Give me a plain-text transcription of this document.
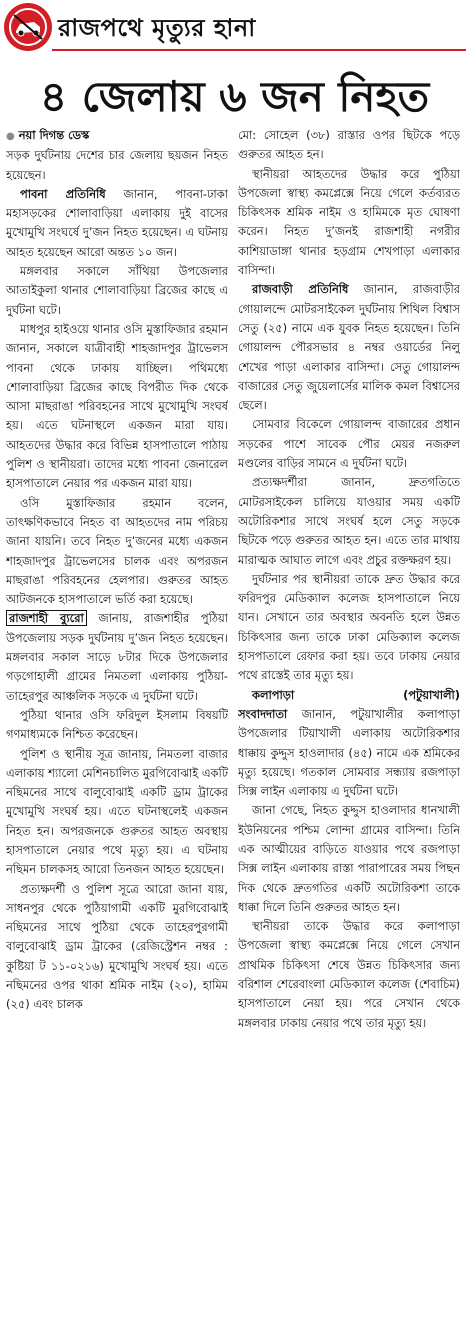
রাজপথে মৃত্যুর হানা
৪ জেলায় ৬ জন নিহত
● নয়া দিগন্ত ডেস্ক

সড়ক দুর্ঘটনায় দেশের চার জেলায় ছয়জন নিহত হয়েছেন।

পাবনা প্রতিনিধি জানান, পাবনা-ঢাকা মহাসড়কের শোলাবাড়িয়া এলাকায় দুই বাসের মুখোমুখি সংঘর্ষে দু’জন নিহত হয়েছেন। এ ঘটনায় আহত হয়েছেন আরো অন্তত ১০ জন।

মঙ্গলবার সকালে সাঁথিয়া উপজেলার আতাইকুলা থানার শোলাবাড়িয়া ব্রিজের কাছে এ দুর্ঘটনা ঘটে।

মাধপুর হাইওয়ে থানার ওসি মুস্তাফিজার রহমান জানান, সকালে যাত্রীবাহী শাহজাদপুর ট্রাভেলস পাবনা থেকে ঢাকায় যাচ্ছিল। পথিমধ্যে শোলাবাড়িয়া ব্রিজের কাছে বিপরীত দিক থেকে আসা মাছরাঙা পরিবহনের সাথে মুখোমুখি সংঘর্ষ হয়। এতে ঘটনাস্থলে একজন মারা যায়। আহতদের উদ্ধার করে বিভিন্ন হাসপাতালে পাঠায় পুলিশ ও স্থানীয়রা। তাদের মধ্যে পাবনা জেনারেল হাসপাতালে নেয়ার পর একজন মারা যায়।

ওসি মুস্তাফিজার রহমান বলেন, তাৎক্ষণিকভাবে নিহত বা আহতদের নাম পরিচয় জানা যায়নি। তবে নিহত দু’জনের মধ্যে একজন শাহজাদপুর ট্রাভেলসের চালক এবং অপরজন মাছরাঙা পরিবহনের হেলপার। গুরুতর আহত আটজনকে হাসপাতালে ভর্তি করা হয়েছে।

রাজশাহী ব্যুরো জানায়, রাজশাহীর পুঠিয়া উপজেলায় সড়ক দুর্ঘটনায় দু’জন নিহত হয়েছেন। মঙ্গলবার সকাল সাড়ে ৮টার দিকে উপজেলার গড়গোহালী গ্রামের নিমতলা এলাকায় পুঠিয়া-তাহেরপুর আঞ্চলিক সড়কে এ দুর্ঘটনা ঘটে।

পুঠিয়া থানার ওসি ফরিদুল ইসলাম বিষয়টি গণমাধ্যমকে নিশ্চিত করেছেন।

পুলিশ ও স্থানীয় সূত্র জানায়, নিমতলা বাজার এলাকায় শ্যালো মেশিনচালিত মুরগিবোঝাই একটি নছিমনের সাথে বালুবোঝাই একটি ড্রাম ট্রাকের মুখোমুখি সংঘর্ষ হয়। এতে ঘটনাস্থলেই একজন নিহত হন। অপরজনকে গুরুতর আহত অবস্থায় হাসপাতালে নেয়ার পথে মৃত্যু হয়। এ ঘটনায় নছিমন চালকসহ আরো তিনজন আহত হয়েছেন।

প্রত্যক্ষদর্শী ও পুলিশ সূত্রে আরো জানা যায়, সাধনপুর থেকে পুঠিয়াগামী একটি মুরগিবোঝাই নছিমনের সাথে পুঠিয়া থেকে তাহেরপুরগামী বালুবোঝাই ড্রাম ট্রাকের (রেজিস্ট্রেশন নম্বর : কুষ্টিয়া ট ১১-০২১৬) মুখোমুখি সংঘর্ষ হয়। এতে নছিমনের ওপর থাকা শ্রমিক নাইম (২০), হামিম (২৫) এবং চালক

মো: সোহেল (৩৮) রাস্তার ওপর ছিটকে পড়ে গুরুতর আহত হন।

স্থানীয়রা আহতদের উদ্ধার করে পুঠিয়া উপজেলা স্বাস্থ্য কমপ্লেক্সে নিয়ে গেলে কর্তব্যরত চিকিৎসক শ্রমিক নাইম ও হামিমকে মৃত ঘোষণা করেন। নিহত দু’জনই রাজশাহী নগরীর কাশিয়াডাঙ্গা থানার হড়গ্রাম শেখপাড়া এলাকার বাসিন্দা।

রাজবাড়ী প্রতিনিধি জানান, রাজবাড়ীর গোয়ালন্দে মোটরসাইকেল দুর্ঘটনায় শিথিল বিশ্বাস সেতু (২৫) নামে এক যুবক নিহত হয়েছেন। তিনি গোয়ালন্দ পৌরসভার ৪ নম্বর ওয়ার্ডের নিলু শেখের পাড়া এলাকার বাসিন্দা। সেতু গোয়ালন্দ বাজারের সেতু জুয়েলার্সের মালিক কমল বিশ্বাসের ছেলে।

সোমবার বিকেলে গোয়ালন্দ বাজারের প্রধান সড়কের পাশে সাবেক পৌর মেয়র নজরুল মণ্ডলের বাড়ির সামনে এ দুর্ঘটনা ঘটে।

প্রত্যক্ষদর্শীরা জানান, দ্রুতগতিতে মোটরসাইকেল চালিয়ে যাওয়ার সময় একটি অটোরিকশার সাথে সংঘর্ষ হলে সেতু সড়কে ছিটকে পড়ে গুরুতর আহত হন। এতে তার মাথায় মারাত্মক আঘাত লাগে এবং প্রচুর রক্তক্ষরণ হয়।

দুর্ঘটনার পর স্থানীয়রা তাকে দ্রুত উদ্ধার করে ফরিদপুর মেডিক্যাল কলেজ হাসপাতালে নিয়ে যান। সেখানে তার অবস্থার অবনতি হলে উন্নত চিকিৎসার জন্য তাকে ঢাকা মেডিক্যাল কলেজ হাসপাতালে রেফার করা হয়। তবে ঢাকায় নেয়ার পথে রাস্তেই তার মৃত্যু হয়।

কলাপাড়া	(পটুয়াখালী)

সংবাদদাতা জানান, পটুয়াখালীর কলাপাড়া উপজেলার টিয়াখালী এলাকায় অটোরিকশার ধাক্কায় কুদ্দুস হাওলাদার (৪৫) নামে এক শ্রমিকের মৃত্যু হয়েছে। গতকাল সোমবার সন্ধ্যায় রজপাড়া সিক্স লাইন এলাকায় এ দুর্ঘটনা ঘটে।

জানা গেছে, নিহত কুদ্দুস হাওলাদার ধানখালী ইউনিয়নের পশ্চিম লোন্দা গ্রামের বাসিন্দা। তিনি এক আত্মীয়ের বাড়িতে যাওয়ার পথে রজপাড়া সিক্স লাইন এলাকায় রাস্তা পারাপারের সময় পিছন দিক থেকে দ্রুতগতির একটি অটোরিকশা তাকে ধাক্কা দিলে তিনি গুরুতর আহত হন।

স্থানীয়রা তাকে উদ্ধার করে কলাপাড়া উপজেলা স্বাস্থ্য কমপ্লেক্সে নিয়ে গেলে সেখান প্রাথমিক চিকিৎসা শেষে উন্নত চিকিৎসার জন্য বরিশাল শেরেবাংলা মেডিক্যাল কলেজ (শেবাচিম) হাসপাতালে নেয়া হয়। পরে সেখান থেকে মঙ্গলবার ঢাকায় নেয়ার পথে তার মৃত্যু হয়।
